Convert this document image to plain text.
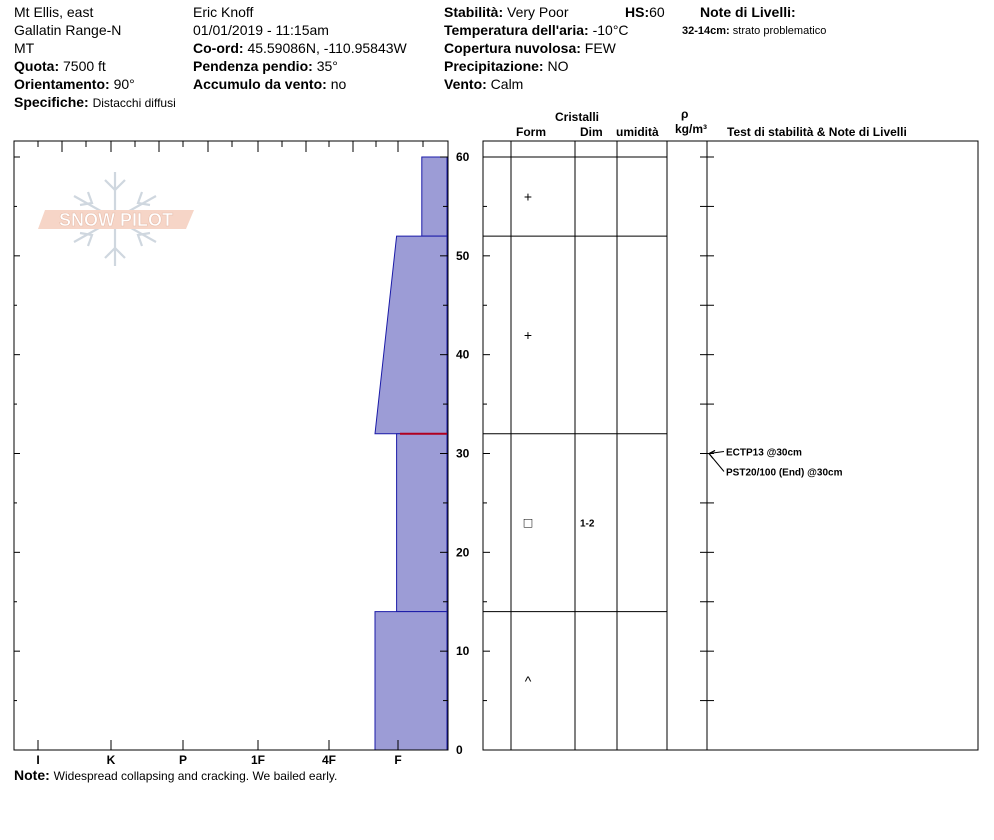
Mt Ellis, east
Gallatin Range-N
MT
Quota: 7500 ft
Orientamento: 90°
Specifiche: Distacchi diffusi
Eric Knoff
01/01/2019 - 11:15am
Co-ord: 45.59086N, -110.95843W
Pendenza pendio: 35°
Accumulo da vento: no
Stabilità: Very Poor	HS:60
Temperatura dell'aria: -10°C
Copertura nuvolosa: FEW
Precipitazione: NO
Vento: Calm
Note di Livelli:
32-14cm: strato problematico
Cristalli
Form	Dim umidità
ρ
kg/m³ Test di stabilità & Note di Livelli
SNOW PILOT
I	K	P	1F	4F	F
0
10
20
30
40
50
60
+
+
□	1-2
^
ECTP13 @30cm
PST20/100 (End) @30cm
Note: Widespread collapsing and cracking. We bailed early.
